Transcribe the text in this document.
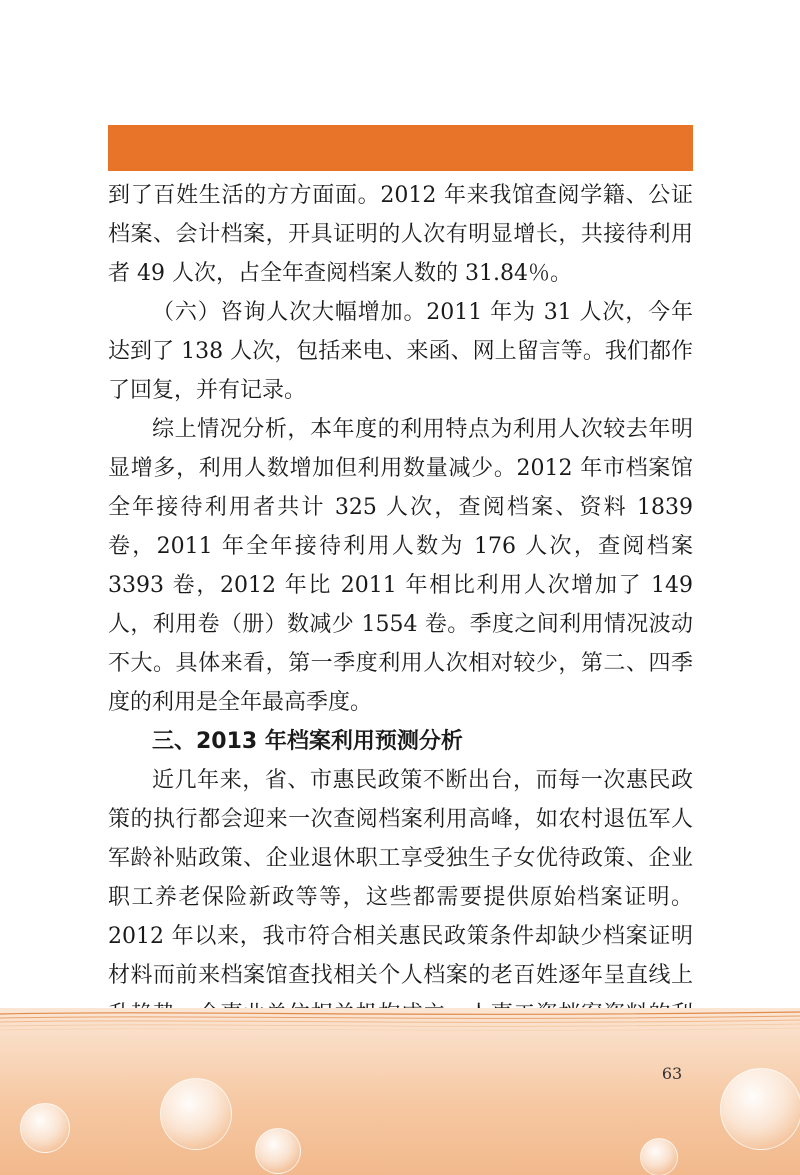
到了百姓生活的方方面面。2012 年来我馆查阅学籍、公证档案、会计档案，开具证明的人次有明显增长，共接待利用者 49 人次，占全年查阅档案人数的 31.84％。

（六）咨询人次大幅增加。2011 年为 31 人次，今年达到了 138 人次，包括来电、来函、网上留言等。我们都作了回复，并有记录。

综上情况分析，本年度的利用特点为利用人次较去年明显增多，利用人数增加但利用数量减少。2012 年市档案馆全年接待利用者共计 325 人次，查阅档案、资料 1839 卷，2011 年全年接待利用人数为 176 人次，查阅档案 3393 卷，2012 年比 2011 年相比利用人次增加了 149 人，利用卷（册）数减少 1554 卷。季度之间利用情况波动不大。具体来看，第一季度利用人次相对较少，第二、四季度的利用是全年最高季度。

三、2013 年档案利用预测分析

近几年来，省、市惠民政策不断出台，而每一次惠民政策的执行都会迎来一次查阅档案利用高峰，如农村退伍军人军龄补贴政策、企业退休职工享受独生子女优待政策、企业职工养老保险新政等等，这些都需要提供原始档案证明。2012 年以来，我市符合相关惠民政策条件却缺少档案证明材料而前来档案馆查找相关个人档案的老百姓逐年呈直线上

63
